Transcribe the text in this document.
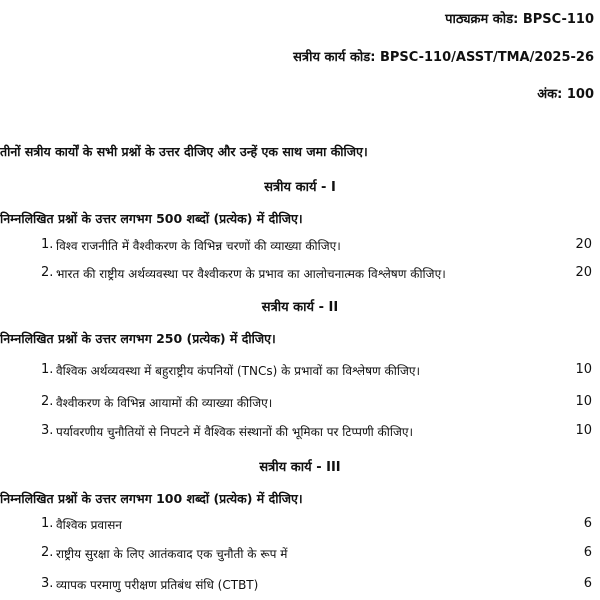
पाठ्यक्रम कोड: BPSC-110
सत्रीय कार्य कोड: BPSC-110/ASST/TMA/2025-26
अंक: 100
तीनों सत्रीय कार्यों के सभी प्रश्नों के उत्तर दीजिए और उन्हें एक साथ जमा कीजिए।
सत्रीय कार्य - I
निम्नलिखित प्रश्नों के उत्तर लगभग 500 शब्दों (प्रत्येक) में दीजिए।
1. विश्व राजनीति में वैश्वीकरण के विभिन्न चरणों की व्याख्या कीजिए।	20
2. भारत की राष्ट्रीय अर्थव्यवस्था पर वैश्वीकरण के प्रभाव का आलोचनात्मक विश्लेषण कीजिए।	20
सत्रीय कार्य - II
निम्नलिखित प्रश्नों के उत्तर लगभग 250 (प्रत्येक) में दीजिए।
1. वैश्विक अर्थव्यवस्था में बहुराष्ट्रीय कंपनियों (TNCs) के प्रभावों का विश्लेषण कीजिए।	10
2. वैश्वीकरण के विभिन्न आयामों की व्याख्या कीजिए।	10
3. पर्यावरणीय चुनौतियों से निपटने में वैश्विक संस्थानों की भूमिका पर टिप्पणी कीजिए।	10
सत्रीय कार्य - III
निम्नलिखित प्रश्नों के उत्तर लगभग 100 शब्दों (प्रत्येक) में दीजिए।
1. वैश्विक प्रवासन	6
2. राष्ट्रीय सुरक्षा के लिए आतंकवाद एक चुनौती के रूप में	6
3. व्यापक परमाणु परीक्षण प्रतिबंध संधि (CTBT)	6
